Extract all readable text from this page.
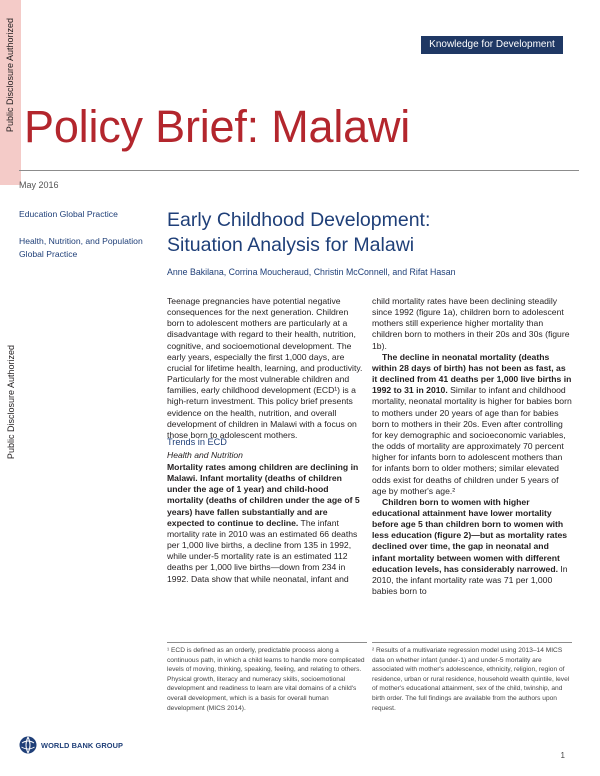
Public Disclosure Authorized
Public Disclosure Authorized
Knowledge for Development
Policy Brief: Malawi
May 2016
Education Global Practice
Health, Nutrition, and Population Global Practice
Early Childhood Development: Situation Analysis for Malawi
Anne Bakilana, Corrina Moucheraud, Christin McConnell, and Rifat Hasan

Teenage pregnancies have potential negative consequences for the next generation. Children born to adolescent mothers are particularly at a disadvantage with regard to their health, nutrition, cognitive, and socioemotional development. The early years, especially the first 1,000 days, are crucial for lifetime health, learning, and productivity. Particularly for the most vulnerable children and families, early childhood development (ECD¹) is a high-return investment. This policy brief presents evidence on the health, nutrition, and overall development of children in Malawi with a focus on those born to adolescent mothers.

Trends in ECD
Health and Nutrition

Mortality rates among children are declining in Malawi. Infant mortality (deaths of children under the age of 1 year) and child-hood mortality (deaths of children under the age of 5 years) have fallen substantially and are expected to continue to decline. The infant mortality rate in 2010 was an estimated 66 deaths per 1,000 live births, a decline from 135 in 1992, while under-5 mortality rate is an estimated 112 deaths per 1,000 live births—down from 234 in 1992. Data show that while neonatal, infant and

child mortality rates have been declining steadily since 1992 (figure 1a), children born to adolescent mothers still experience higher mortality than children born to mothers in their 20s and 30s (figure 1b).

The decline in neonatal mortality (deaths within 28 days of birth) has not been as fast, as it declined from 41 deaths per 1,000 live births in 1992 to 31 in 2010. Similar to infant and childhood mortality, neonatal mortality is higher for babies born to mothers under 20 years of age than for babies born to mothers in their 20s. Even after controlling for key demographic and socioeconomic variables, the odds of mortality are approximately 70 percent higher for infants born to adolescent mothers than for infants born to older mothers; similar elevated odds exist for deaths of children under 5 years of age by mother's age.²

Children born to women with higher educational attainment have lower mortality before age 5 than children born to women with less education (figure 2)—but as mortality rates declined over time, the gap in neonatal and infant mortality between women with different education levels, has considerably narrowed. In 2010, the infant mortality rate was 71 per 1,000 babies born to

¹ ECD is defined as an orderly, predictable process along a continuous path, in which a child learns to handle more complicated levels of moving, thinking, speaking, feeling, and relating to others. Physical growth, literacy and numeracy skills, socioemotional development and readiness to learn are vital domains of a child's overall development, which is a basis for overall human development (MICS 2014).
² Results of a multivariate regression model using 2013–14 MICS data on whether infant (under-1) and under-5 mortality are associated with mother's adolescence, ethnicity, religion, region of residence, urban or rural residence, household wealth quintile, level of mother's educational attainment, sex of the child, twinship, and birth order. The full findings are available from the authors upon request.
WORLD BANK GROUP
1
